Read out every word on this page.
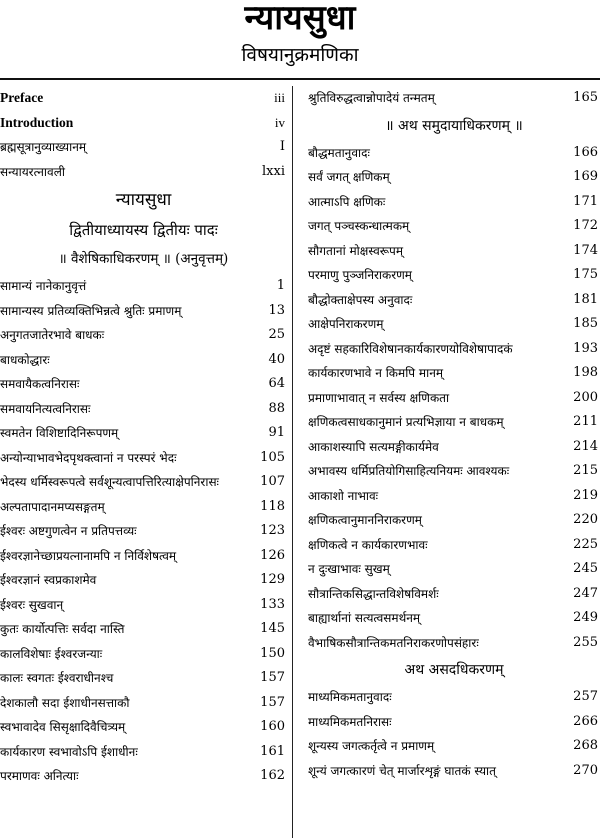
न्यायसुधा
विषयानुक्रमणिका
Preface	iii
Introduction	iv
ब्रह्मसूत्रानुव्याख्यानम्	I
सन्यायरत्नावली	lxxi
न्यायसुधा
द्वितीयाध्यायस्य द्वितीयः पादः
॥ वैशेषिकाधिकरणम् ॥ (अनुवृत्तम्)
सामान्यं नानेकानुवृत्तं	1
सामान्यस्य प्रतिव्यक्तिभिन्नत्वे श्रुतिः प्रमाणम्	13
अनुगतजातेरभावे बाधकः	25
बाधकोद्धारः	40
समवायैकत्वनिरासः	64
समवायनित्यत्वनिरासः	88
स्वमतेन विशिष्टादिनिरूपणम्	91
अन्योन्याभावभेदपृथक्त्वानां न परस्परं भेदः	105
भेदस्य धर्मिस्वरूपत्वे सर्वशून्यत्वापत्तिरित्याक्षेपनिरासः	107
अल्पतापादानमप्यसङ्गतम्	118
ईश्वरः अष्टगुणत्वेन न प्रतिपत्तव्यः	123
ईश्वरज्ञानेच्छाप्रयत्नानामपि न निर्विशेषत्वम्	126
ईश्वरज्ञानं स्वप्रकाशमेव	129
ईश्वरः सुखवान्	133
कुतः कार्योत्पत्तिः सर्वदा नास्ति	145
कालविशेषाः ईश्वरजन्याः	150
कालः स्वगतः ईश्वराधीनश्च	157
देशकालौ सदा ईशाधीनसत्ताकौ	157
स्वभावादेव सिसृक्षादिवैचित्र्यम्	160
कार्यकारण स्वभावोऽपि ईशाधीनः	161
परमाणवः अनित्याः	162
श्रुतिविरुद्धत्वान्नोपादेयं तन्मतम्	165
॥ अथ समुदायाधिकरणम् ॥
बौद्धमतानुवादः	166
सर्वं जगत् क्षणिकम्	169
आत्माऽपि क्षणिकः	171
जगत् पञ्चस्कन्धात्मकम्	172
सौगतानां मोक्षस्वरूपम्	174
परमाणु पुञ्जनिराकरणम्	175
बौद्धोक्ताक्षेपस्य अनुवादः	181
आक्षेपनिराकरणम्	185
अदृष्टं सहकारिविशेषानकार्यकारणयोविशेषापादकं	193
कार्यकारणभावे न किमपि मानम्	198
प्रमाणाभावात् न सर्वस्य क्षणिकता	200
क्षणिकत्वसाधकानुमानं प्रत्यभिज्ञाया न बाधकम्	211
आकाशस्यापि सत्यमङ्गीकार्यमेव	214
अभावस्य धर्मिप्रतियोगिसाहित्यनियमः आवश्यकः	215
आकाशो नाभावः	219
क्षणिकत्वानुमाननिराकरणम्	220
क्षणिकत्वे न कार्यकारणभावः	225
न दुःखाभावः सुखम्	245
सौत्रान्तिकसिद्धान्तविशेषविमर्शः	247
बाह्यार्थानां सत्यत्वसमर्थनम्	249
वैभाषिकसौत्रान्तिकमतनिराकरणोपसंहारः	255
अथ असदधिकरणम्
माध्यमिकमतानुवादः	257
माध्यमिकमतनिरासः	266
शून्यस्य जगत्कर्तृत्वे न प्रमाणम्	268
शून्यं जगत्कारणं चेत् मार्जारशृङ्गं घातकं स्यात्	270
